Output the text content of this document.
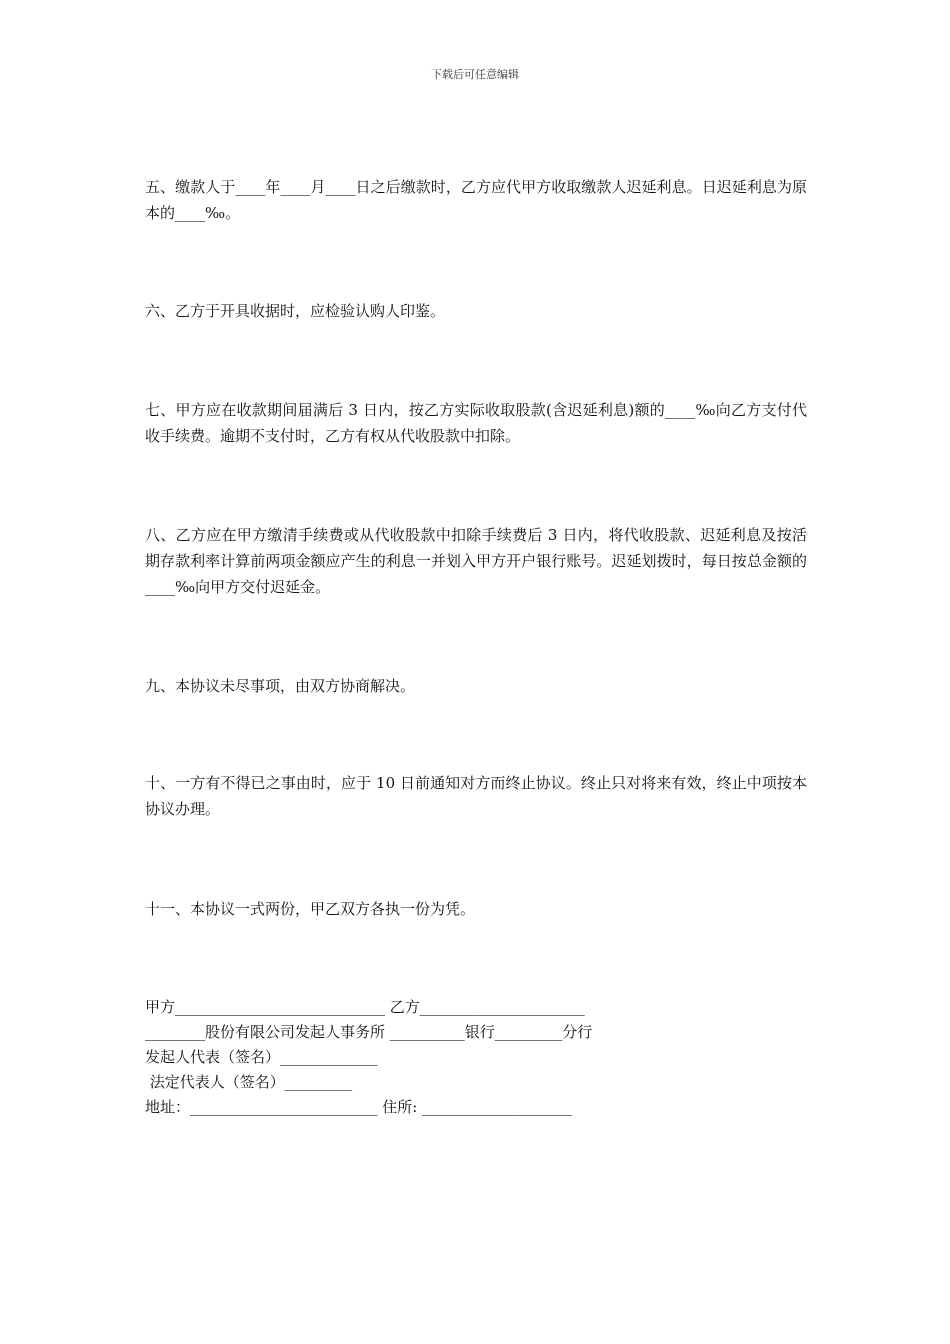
下载后可任意编辑

五、缴款人于____年____月____日之后缴款时，乙方应代甲方收取缴款人迟延利息。日迟延利息为原本的____‰。

六、乙方于开具收据时，应检验认购人印鉴。

七、甲方应在收款期间届满后 3 日内，按乙方实际收取股款(含迟延利息)额的____‰向乙方支付代收手续费。逾期不支付时，乙方有权从代收股款中扣除。

八、乙方应在甲方缴清手续费或从代收股款中扣除手续费后 3 日内，将代收股款、迟延利息及按活期存款利率计算前两项金额应产生的利息一并划入甲方开户银行账号。迟延划拨时，每日按总金额的____‰向甲方交付迟延金。

九、本协议未尽事项，由双方协商解决。

十、一方有不得已之事由时，应于 10 日前通知对方而终止协议。终止只对将来有效，终止中项按本协议办理。

十一、本协议一式两份，甲乙双方各执一份为凭。

甲方____________________________ 乙方______________________
________股份有限公司发起人事务所 __________银行_________分行
发起人代表（签名）_____________
法定代表人（签名）_________
地址：_________________________ 住所: ____________________
